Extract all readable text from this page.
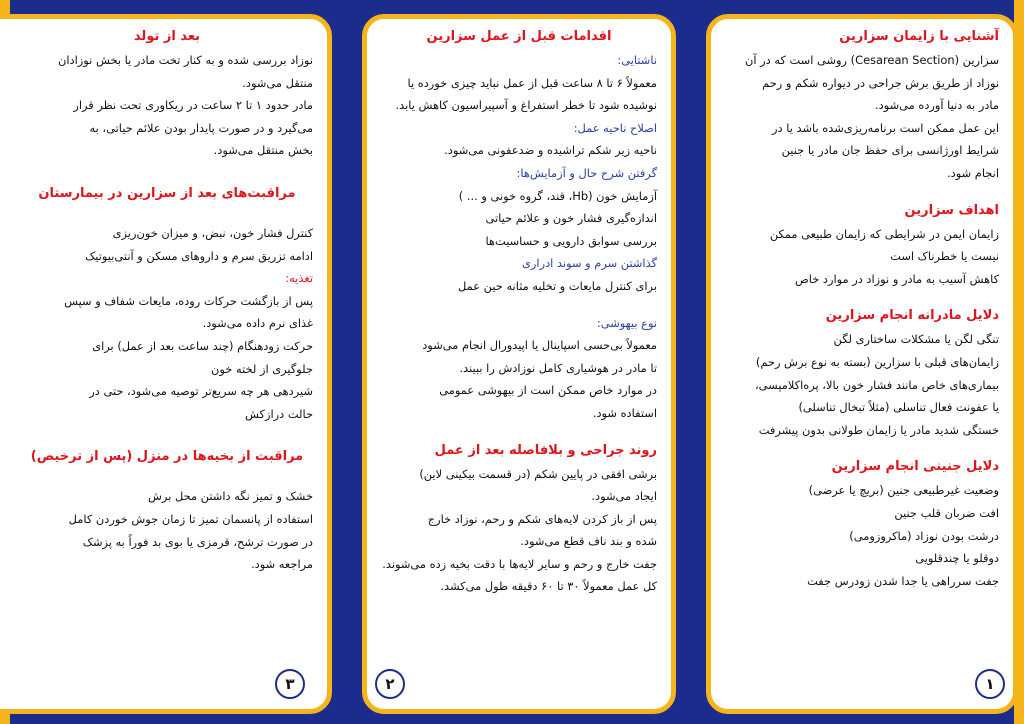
آشنایی با زایمان سزارین

سزارین (Cesarean Section) روشی است که در آن

نوزاد از طریق برش جراحی در دیواره شکم و رحم

مادر به دنیا آورده می‌شود.

این عمل ممکن است برنامه‌ریزی‌شده باشد یا در

شرایط اورژانسی برای حفظ جان مادر یا جنین

انجام شود.

اهداف سزارین

زایمان ایمن در شرایطی که زایمان طبیعی ممکن

نیست یا خطرناک است

کاهش آسیب به مادر و نوزاد در موارد خاص

دلایل مادرانه انجام سزارین

تنگی لگن یا مشکلات ساختاری لگن

زایمان‌های قبلی با سزارین (بسته به نوع برش رحم)

بیماری‌های خاص مانند فشار خون بالا، پره‌اکلامپسی،

یا عفونت فعال تناسلی (مثلاً تبخال تناسلی)

خستگی شدید مادر یا زایمان طولانی بدون پیشرفت

دلایل جنینی انجام سزارین

وضعیت غیرطبیعی جنین (بریچ یا عرضی)

افت ضربان قلب جنین

درشت بودن نوزاد (ماکروزومی)

دوقلو یا چندقلویی

جفت سرراهی یا جدا شدن زودرس جفت

۱
اقدامات قبل از عمل سزارین

ناشتایی:

معمولاً ۶ تا ۸ ساعت قبل از عمل نباید چیزی خورده یا

نوشیده شود تا خطر استفراغ و آسپیراسیون کاهش یابد.

اصلاح ناحیه عمل:

ناحیه زیر شکم تراشیده و ضدعفونی می‌شود.

گرفتن شرح حال و آزمایش‌ها:

آزمایش خون (Hb، قند، گروه خونی و ... )

اندازه‌گیری فشار خون و علائم حیاتی

بررسی سوابق دارویی و حساسیت‌ها

گذاشتن سرم و سوند ادراری

برای کنترل مایعات و تخلیه مثانه حین عمل

نوع بیهوشی:

معمولاً بی‌حسی اسپاینال یا اپیدورال انجام می‌شود

تا مادر در هوشیاری کامل نوزادش را ببیند.

در موارد خاص ممکن است از بیهوشی عمومی

استفاده شود.

روند جراحی و بلافاصله بعد از عمل

برشی افقی در پایین شکم (در قسمت بیکینی لاین)

ایجاد می‌شود.

پس از باز کردن لایه‌های شکم و رحم، نوزاد خارج

شده و بند ناف قطع می‌شود.

جفت خارج و رحم و سایر لایه‌ها با دقت بخیه زده می‌شوند.

کل عمل معمولاً ۳۰ تا ۶۰ دقیقه طول می‌کشد.

۲
بعد از تولد

نوزاد بررسی شده و به کنار تخت مادر یا بخش نوزادان

منتقل می‌شود.

مادر حدود ۱ تا ۲ ساعت در ریکاوری تحت نظر قرار

می‌گیرد و در صورت پایدار بودن علائم حیاتی، به

بخش منتقل می‌شود.

مراقبت‌های بعد از سزارین در بیمارستان

کنترل فشار خون، نبض، و میزان خون‌ریزی

ادامه تزریق سرم و داروهای مسکن و آنتی‌بیوتیک

تغذیه:

پس از بازگشت حرکات روده، مایعات شفاف و سپس

غذای نرم داده می‌شود.

حرکت زودهنگام (چند ساعت بعد از عمل) برای

جلوگیری از لخته خون

شیردهی هر چه سریع‌تر توصیه می‌شود، حتی در

حالت درازکش

مراقبت از بخیه‌ها در منزل (پس از ترخیص)

خشک و تمیز نگه داشتن محل برش

استفاده از پانسمان تمیز تا زمان جوش خوردن کامل

در صورت ترشح، قرمزی یا بوی بد فوراً به پزشک

مراجعه شود.

۳
